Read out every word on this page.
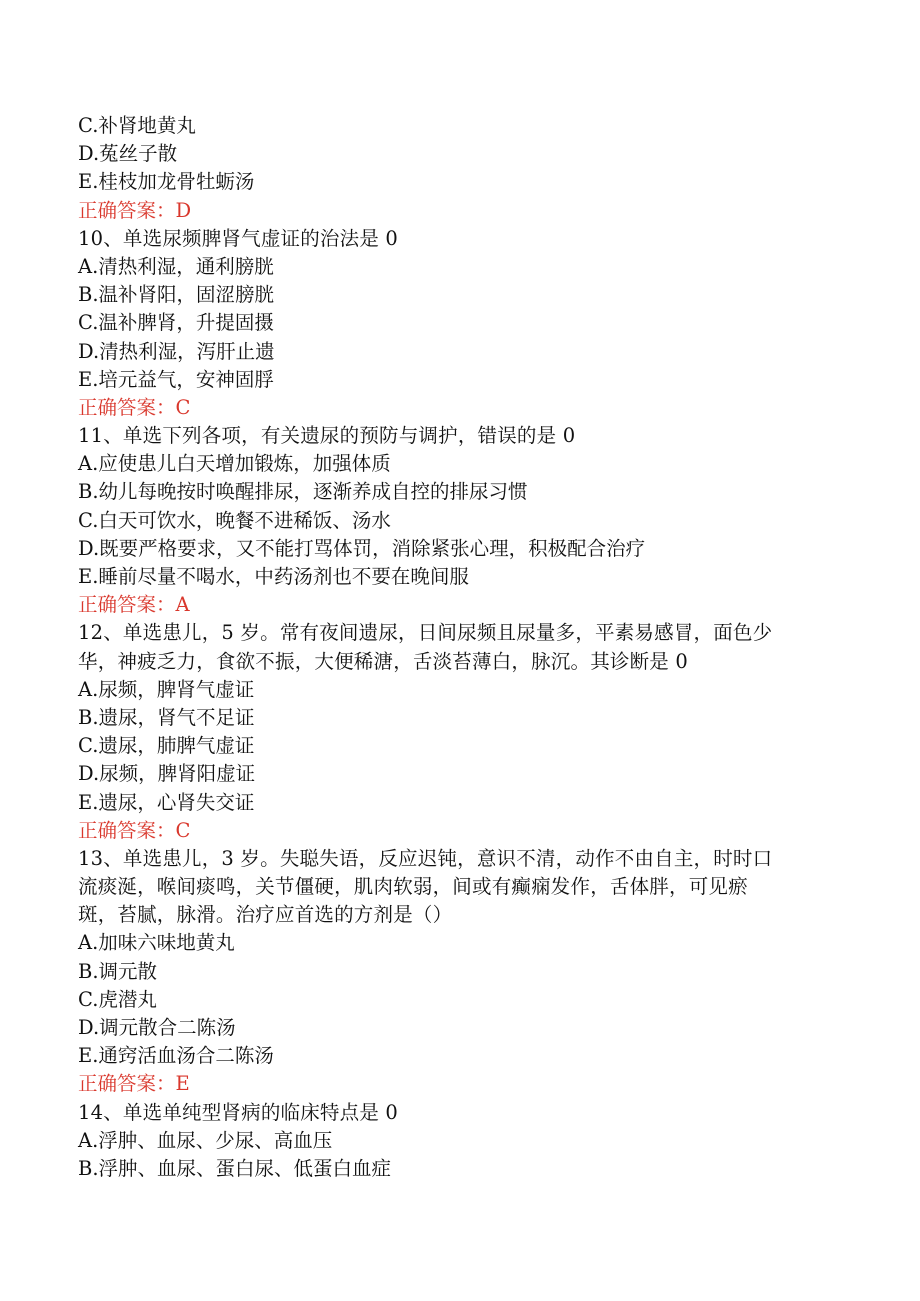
C.补肾地黄丸
D.菟丝子散
E.桂枝加龙骨牡蛎汤
正确答案：D
10、单选尿频脾肾气虚证的治法是 0
A.清热利湿，通利膀胱
B.温补肾阳，固涩膀胱
C.温补脾肾，升提固摄
D.清热利湿，泻肝止遗
E.培元益气，安神固脬
正确答案：C
11、单选下列各项，有关遗尿的预防与调护，错误的是 0
A.应使患儿白天增加锻炼，加强体质
B.幼儿每晚按时唤醒排尿，逐渐养成自控的排尿习惯
C.白天可饮水，晚餐不进稀饭、汤水
D.既要严格要求，又不能打骂体罚，消除紧张心理，积极配合治疗
E.睡前尽量不喝水，中药汤剂也不要在晚间服
正确答案：A
12、单选患儿，5 岁。常有夜间遗尿，日间尿频且尿量多，平素易感冒，面色少
华，神疲乏力，食欲不振，大便稀溏，舌淡苔薄白，脉沉。其诊断是 0
A.尿频，脾肾气虚证
B.遗尿，肾气不足证
C.遗尿，肺脾气虚证
D.尿频，脾肾阳虚证
E.遗尿，心肾失交证
正确答案：C
13、单选患儿，3 岁。失聪失语，反应迟钝，意识不清，动作不由自主，时时口
流痰涎，喉间痰鸣，关节僵硬，肌肉软弱，间或有癫痫发作，舌体胖，可见瘀
斑，苔腻，脉滑。治疗应首选的方剂是（）
A.加味六味地黄丸
B.调元散
C.虎潜丸
D.调元散合二陈汤
E.通窍活血汤合二陈汤
正确答案：E
14、单选单纯型肾病的临床特点是 0
A.浮肿、血尿、少尿、高血压
B.浮肿、血尿、蛋白尿、低蛋白血症
